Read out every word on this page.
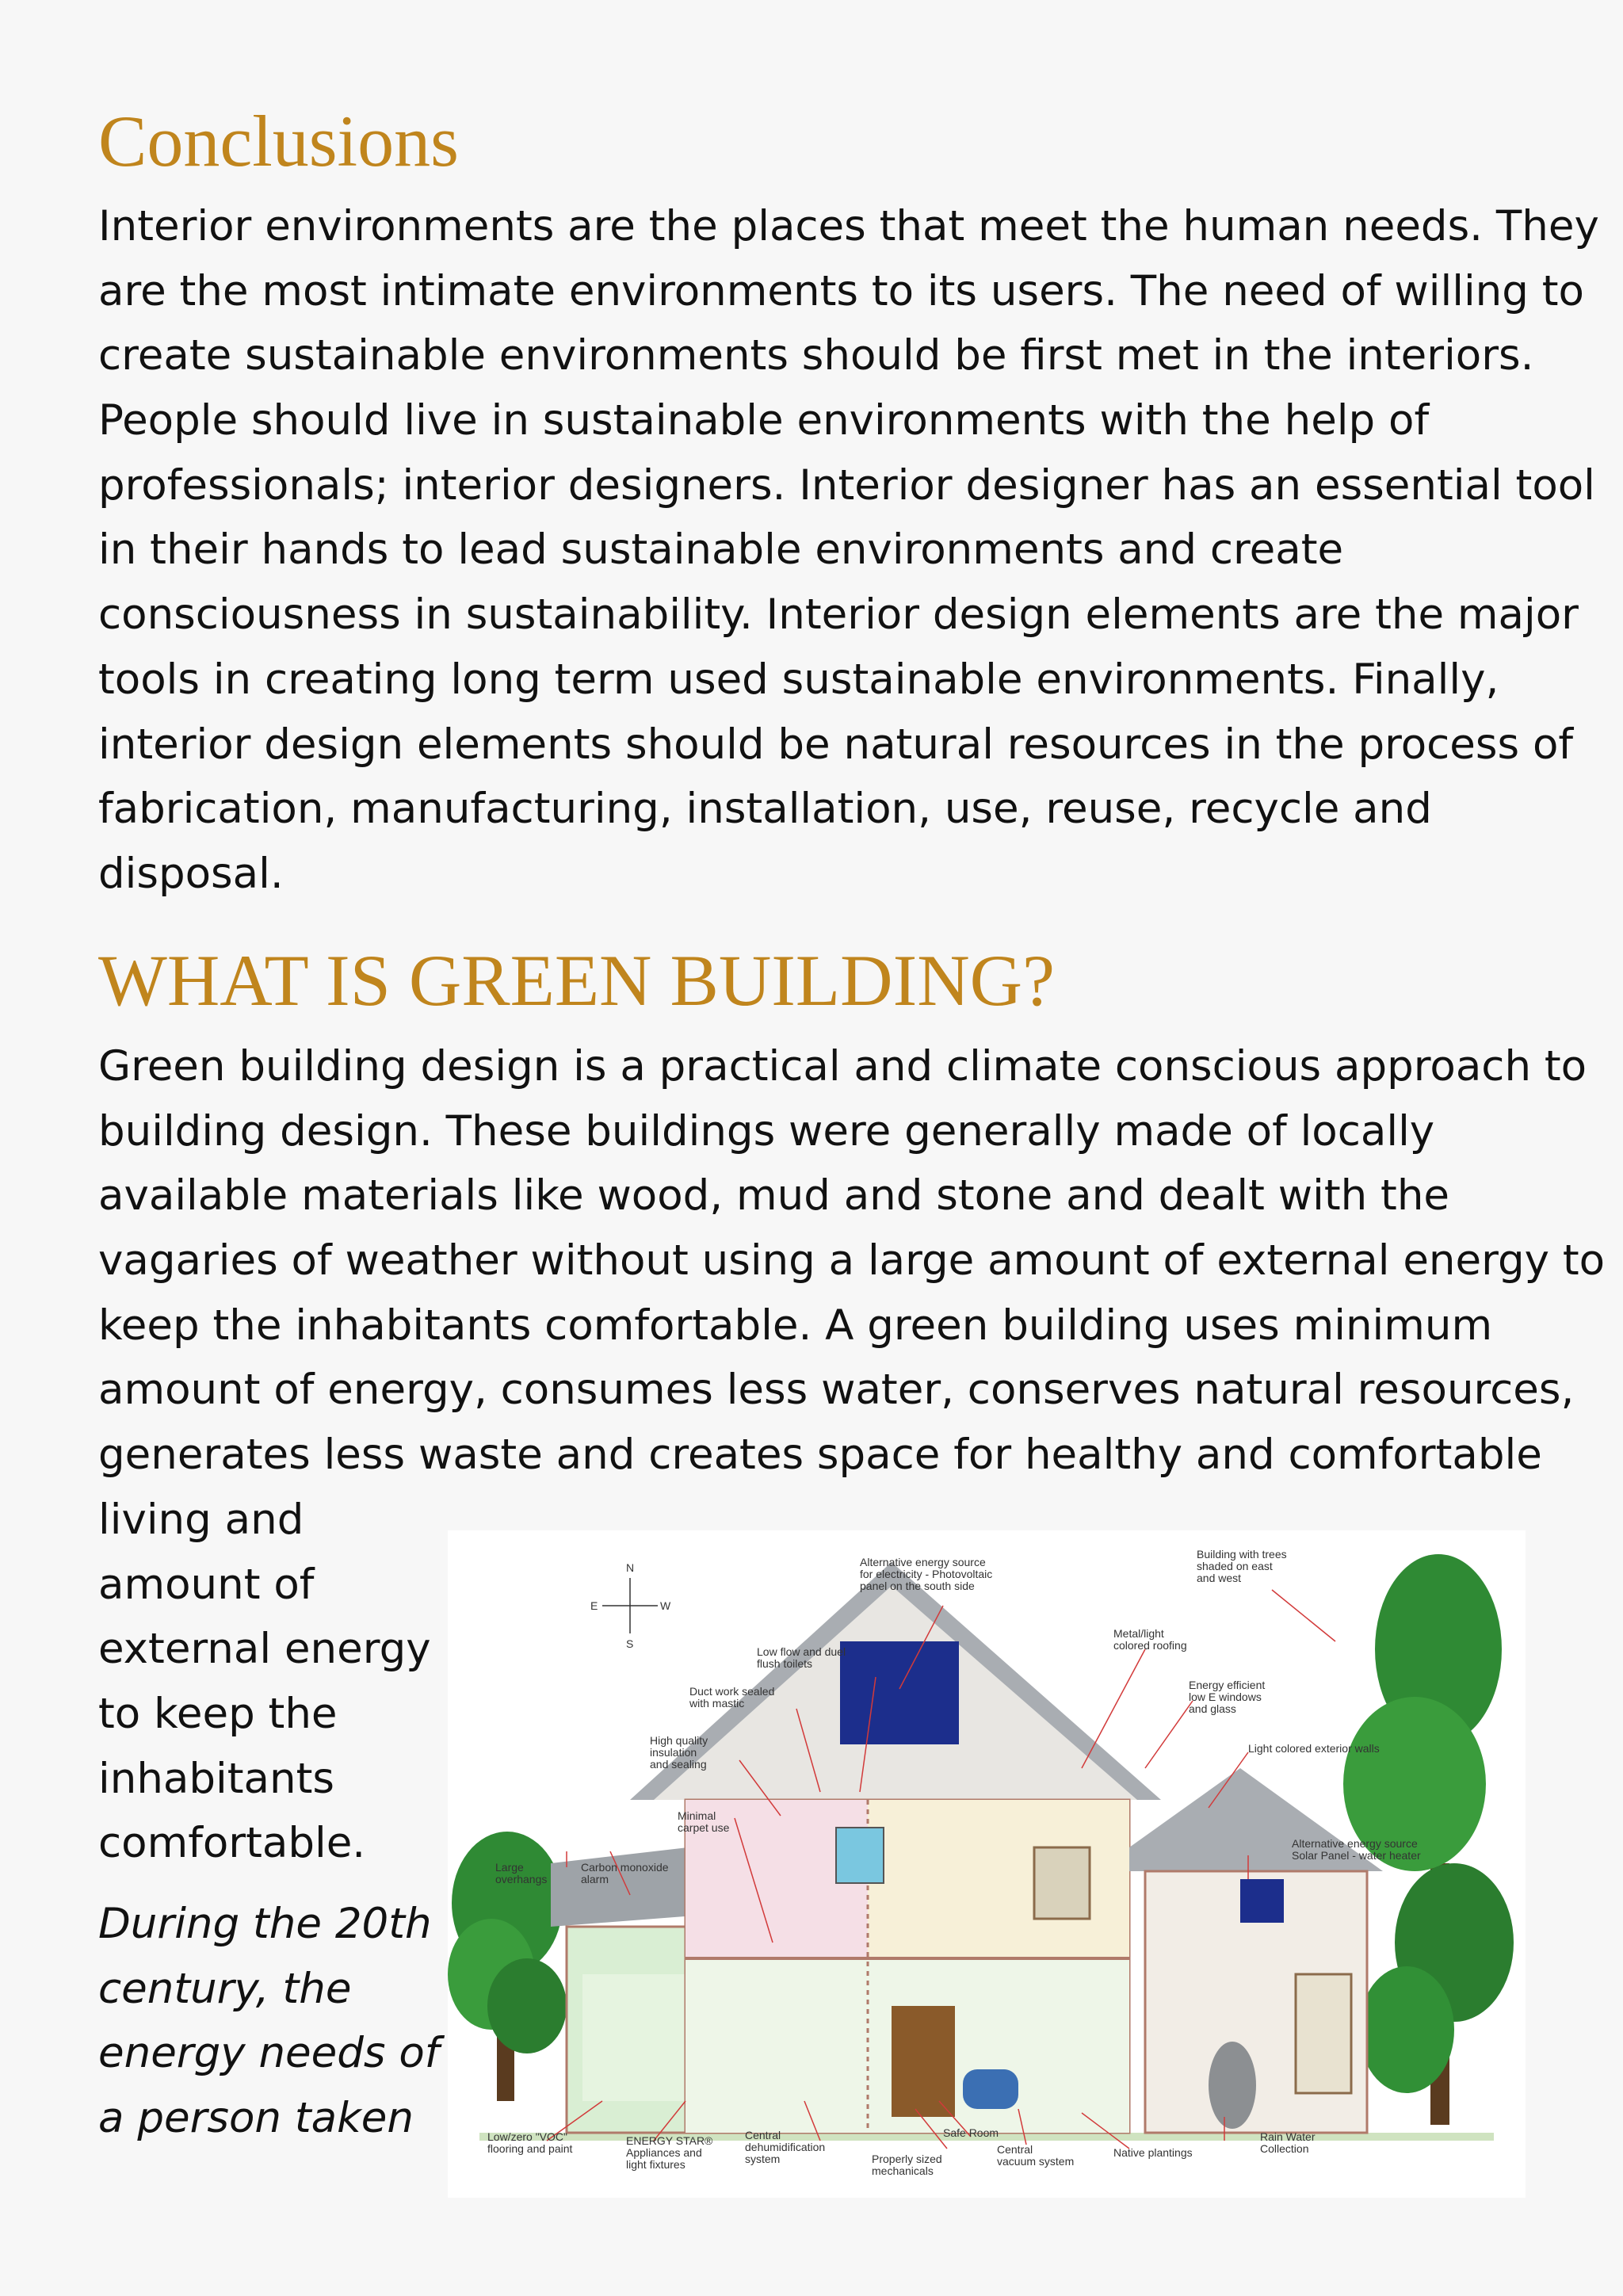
Conclusions

Interior environments are the places that meet the human needs. They
are the most intimate environments to its users. The need of willing to
create sustainable environments should be first met in the interiors.
People should live in sustainable environments with the help of
professionals; interior designers. Interior designer has an essential tool
in their hands to lead sustainable environments and create
consciousness in sustainability. Interior design elements are the major
tools in creating long term used sustainable environments. Finally,
interior design elements should be natural resources in the process of
fabrication, manufacturing, installation, use, reuse, recycle and
disposal.

WHAT IS GREEN BUILDING?

Green building design is a practical and climate conscious approach to
building design. These buildings were generally made of locally
available materials like wood, mud and stone and dealt with the
vagaries of weather without using a large amount of external energy to
keep the inhabitants comfortable. A green building uses minimum
amount of energy, consumes less water, conserves natural resources,
generates less waste and creates space for healthy and comfortable

living and
amount of
external energy
to keep the
inhabitants
comfortable.

During the 20th
century, the
energy needs of
a person taken

N
S
E	W
Alternative energy source for electricity - Photovoltaic panel on the south side
Building with trees shaded on east and west
Metal/light colored roofing
Low flow and duel flush toilets
Duct work sealed with mastic
Energy efficient low E windows and glass
High quality insulation and sealing
Light colored exterior walls
Minimal carpet use
Alternative energy source Solar Panel - water heater
Large overhangs
Carbon monoxide alarm
Low/zero "VOC" flooring and paint
ENERGY STAR® Appliances and light fixtures
Central dehumidification system
Safe Room
Properly sized mechanicals
Central vacuum system
Native plantings
Rain Water Collection
